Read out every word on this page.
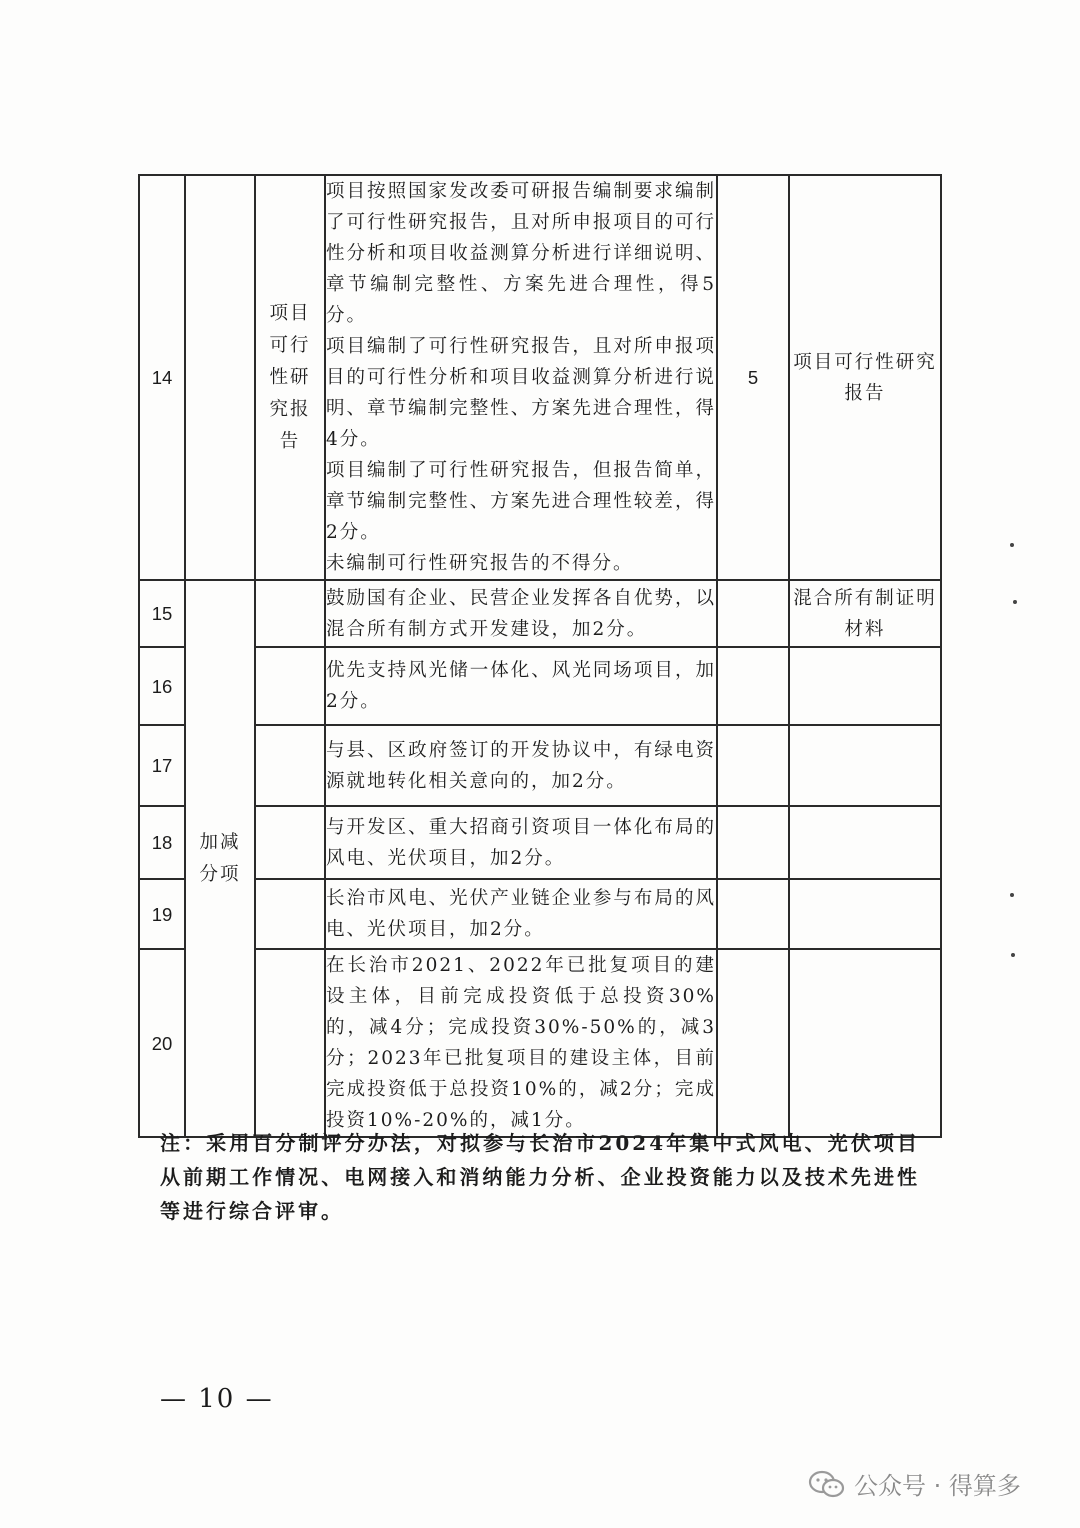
14		项目可行性研究报告	项目按照国家发改委可研报告编制要求编制了可行性研究报告，且对所申报项目的可行性分析和项目收益测算分析进行详细说明、章节编制完整性、方案先进合理性，得5分。

项目编制了可行性研究报告，且对所申报项目的可行性分析和项目收益测算分析进行说明、章节编制完整性、方案先进合理性，得4分。

项目编制了可行性研究报告，但报告简单，章节编制完整性、方案先进合理性较差，得2分。

未编制可行性研究报告的不得分。	5	项目可行性研究报告
15	加减分项		鼓励国有企业、民营企业发挥各自优势，以混合所有制方式开发建设，加2分。		混合所有制证明材料
16			优先支持风光储一体化、风光同场项目，加2分。		

17			与县、区政府签订的开发协议中，有绿电资源就地转化相关意向的，加2分。		

18			与开发区、重大招商引资项目一体化布局的风电、光伏项目，加2分。		

19			长治市风电、光伏产业链企业参与布局的风电、光伏项目，加2分。		

20			在长治市2021、2022年已批复项目的建设主体，目前完成投资低于总投资30%的，减4分；完成投资30%-50%的，减3分；2023年已批复项目的建设主体，目前完成投资低于总投资10%的，减2分；完成投资10%-20%的，减1分。		

注：采用百分制评分办法，对拟参与长治市2024年集中式风电、光伏项目从前期工作情况、电网接入和消纳能力分析、企业投资能力以及技术先进性等进行综合评审。
— 10 —
公众号 · 得算多
